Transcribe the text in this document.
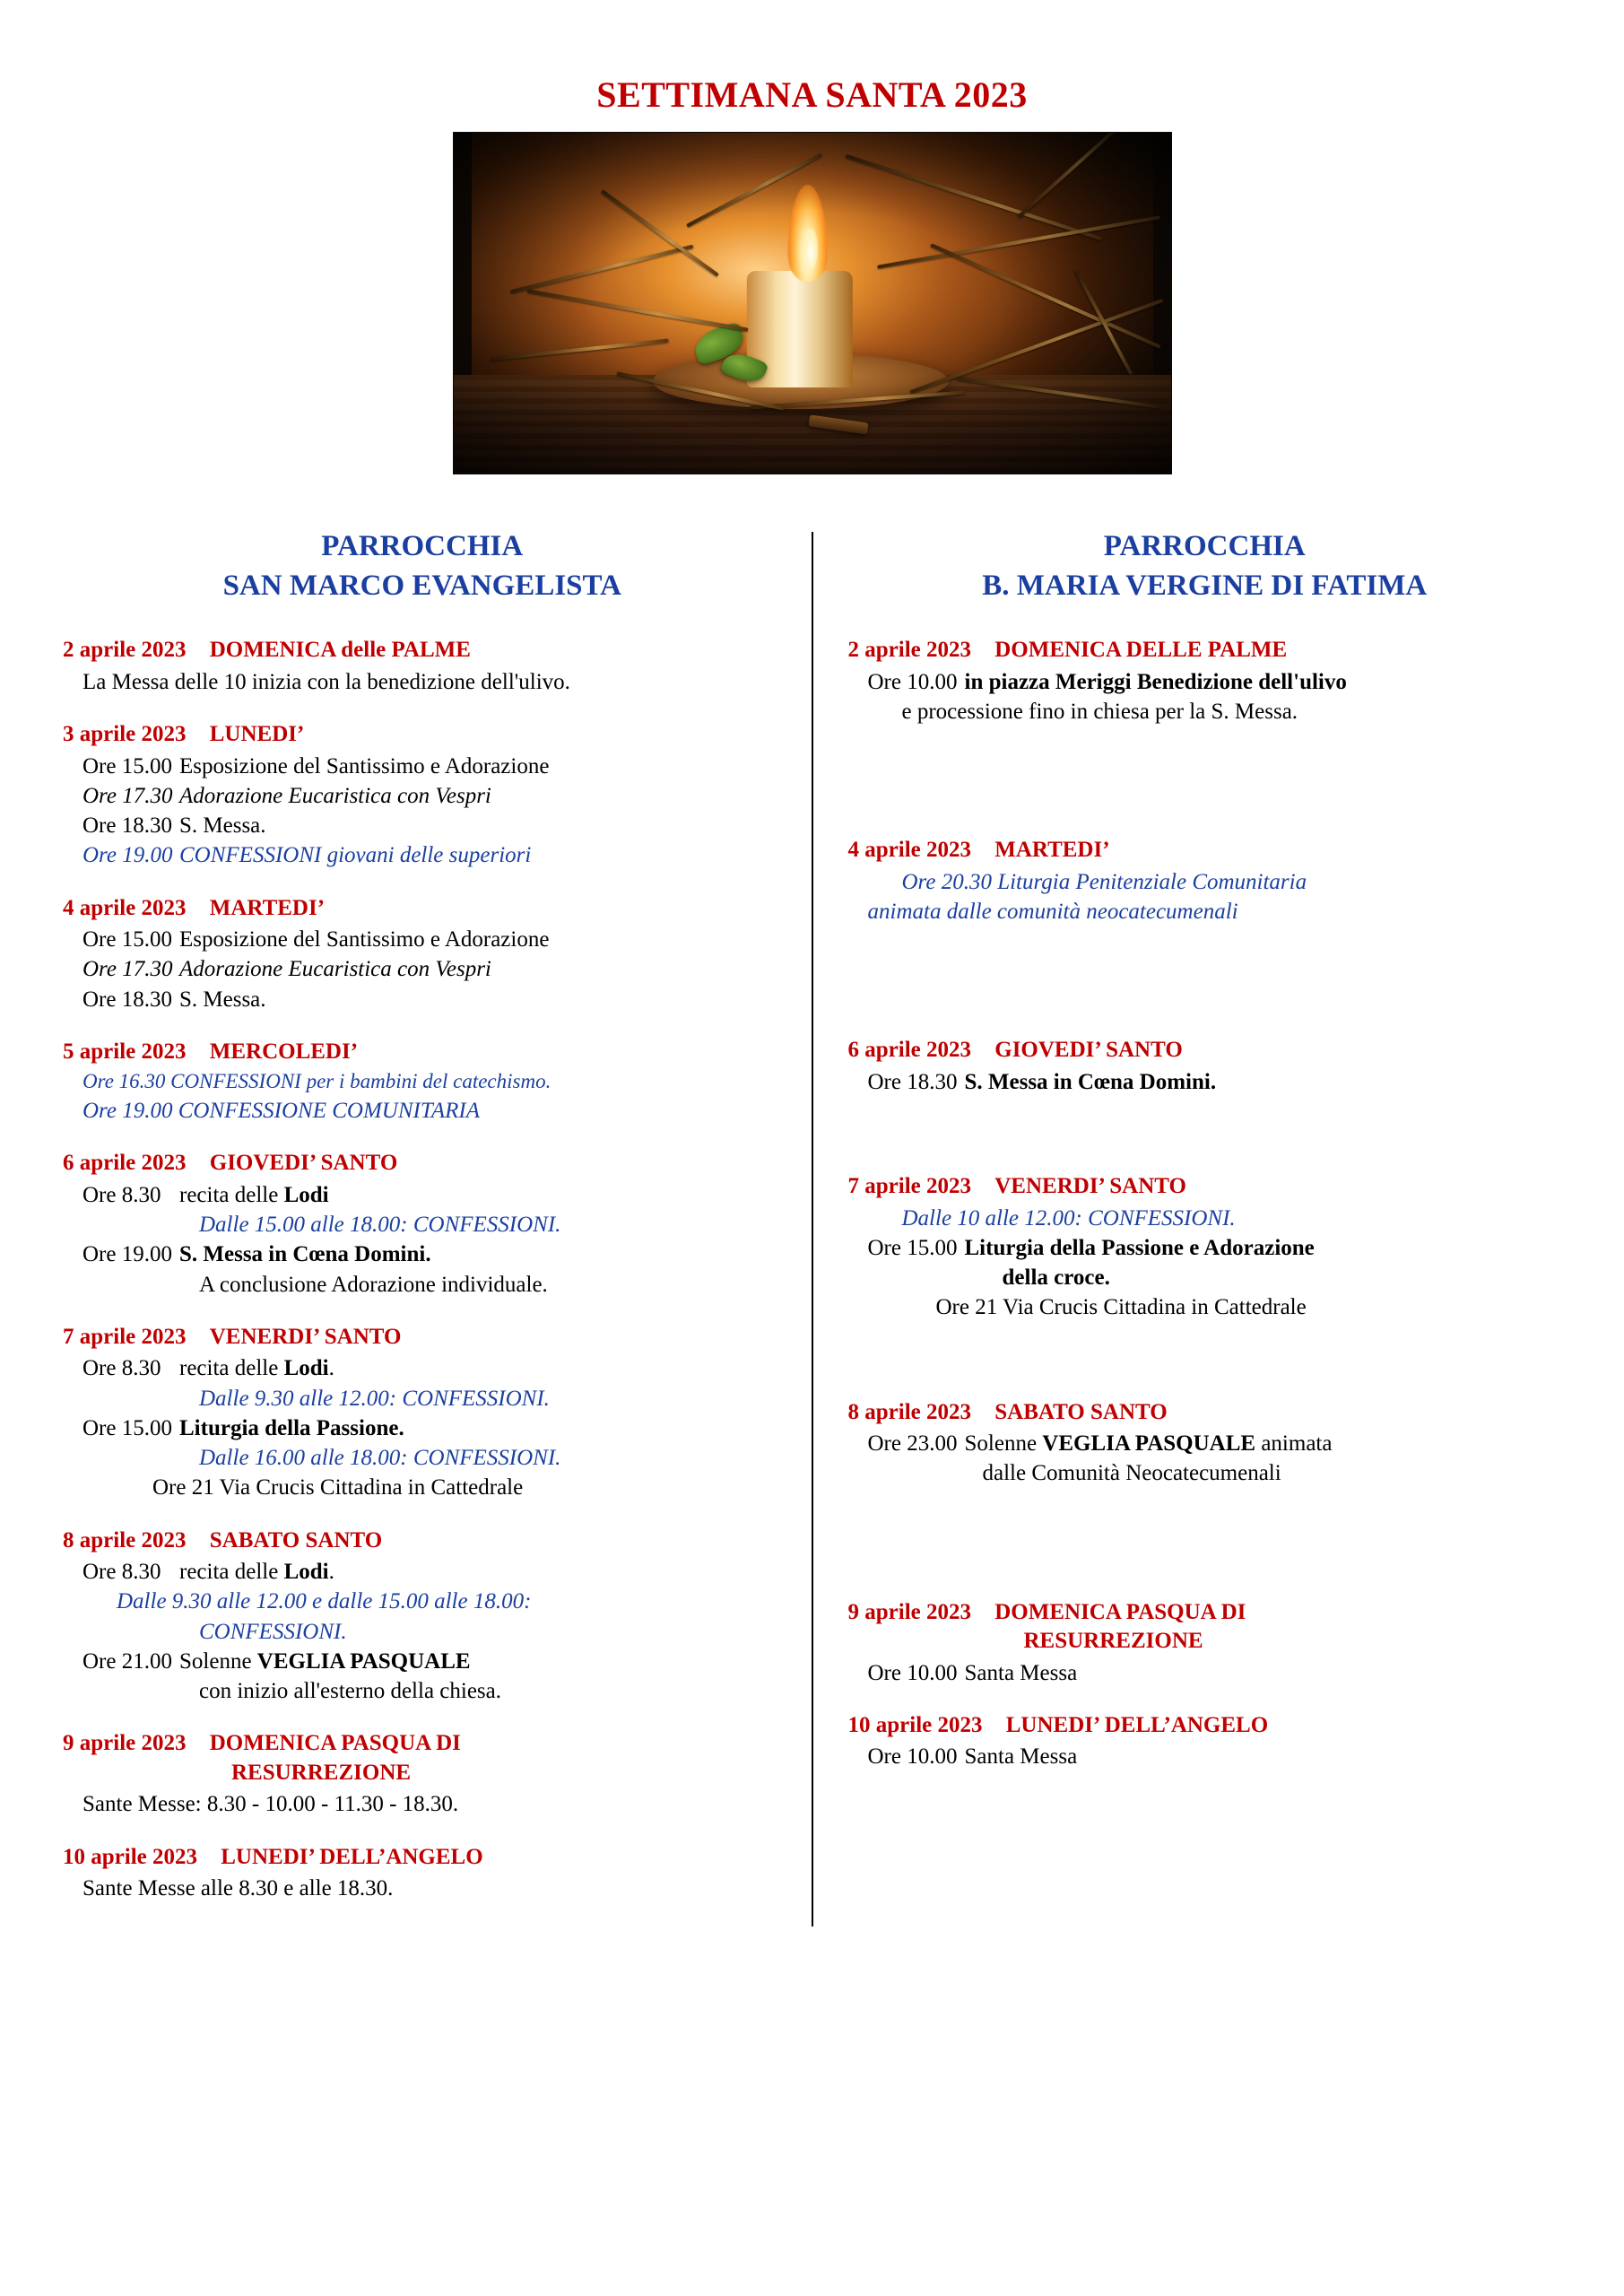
SETTIMANA SANTA 2023
PARROCCHIA
SAN MARCO EVANGELISTA
2 aprile 2023 DOMENICA delle PALME
La Messa delle 10 inizia con la benedizione dell'ulivo.
3 aprile 2023 LUNEDI’
Ore 15.00 Esposizione del Santissimo e Adorazione
Ore 17.30 Adorazione Eucaristica con Vespri
Ore 18.30 S. Messa.
Ore 19.00 CONFESSIONI giovani delle superiori
4 aprile 2023 MARTEDI’
Ore 15.00 Esposizione del Santissimo e Adorazione
Ore 17.30 Adorazione Eucaristica con Vespri
Ore 18.30 S. Messa.
5 aprile 2023 MERCOLEDI’
Ore 16.30 CONFESSIONI per i bambini del catechismo.
Ore 19.00 CONFESSIONE COMUNITARIA
6 aprile 2023 GIOVEDI’ SANTO
Ore 8.30 recita delle Lodi
Dalle 15.00 alle 18.00: CONFESSIONI.
Ore 19.00 S. Messa in Cœna Domini.
A conclusione Adorazione individuale.
7 aprile 2023 VENERDI’ SANTO
Ore 8.30 recita delle Lodi.
Dalle 9.30 alle 12.00: CONFESSIONI.
Ore 15.00 Liturgia della Passione.
Dalle 16.00 alle 18.00: CONFESSIONI.
Ore 21 Via Crucis Cittadina in Cattedrale
8 aprile 2023 SABATO SANTO
Ore 8.30 recita delle Lodi.
Dalle 9.30 alle 12.00 e dalle 15.00 alle 18.00:
CONFESSIONI.
Ore 21.00 Solenne VEGLIA PASQUALE
con inizio all'esterno della chiesa.
9 aprile 2023 DOMENICA PASQUA DI
RESURREZIONE
Sante Messe: 8.30 - 10.00 - 11.30 - 18.30.
10 aprile 2023 LUNEDI’ DELL’ANGELO
Sante Messe alle 8.30 e alle 18.30.
PARROCCHIA
B. MARIA VERGINE DI FATIMA
2 aprile 2023 DOMENICA DELLE PALME
Ore 10.00 in piazza Meriggi Benedizione dell'ulivo
e processione fino in chiesa per la S. Messa.
4 aprile 2023 MARTEDI’
Ore 20.30 Liturgia Penitenziale Comunitaria
animata dalle comunità neocatecumenali
6 aprile 2023 GIOVEDI’ SANTO
Ore 18.30 S. Messa in Cœna Domini.
7 aprile 2023 VENERDI’ SANTO
Dalle 10 alle 12.00: CONFESSIONI.
Ore 15.00 Liturgia della Passione e Adorazione
della croce.
Ore 21 Via Crucis Cittadina in Cattedrale
8 aprile 2023 SABATO SANTO
Ore 23.00 Solenne VEGLIA PASQUALE animata
dalle Comunità Neocatecumenali
9 aprile 2023 DOMENICA PASQUA DI
RESURREZIONE
Ore 10.00 Santa Messa
10 aprile 2023 LUNEDI’ DELL’ANGELO
Ore 10.00 Santa Messa
